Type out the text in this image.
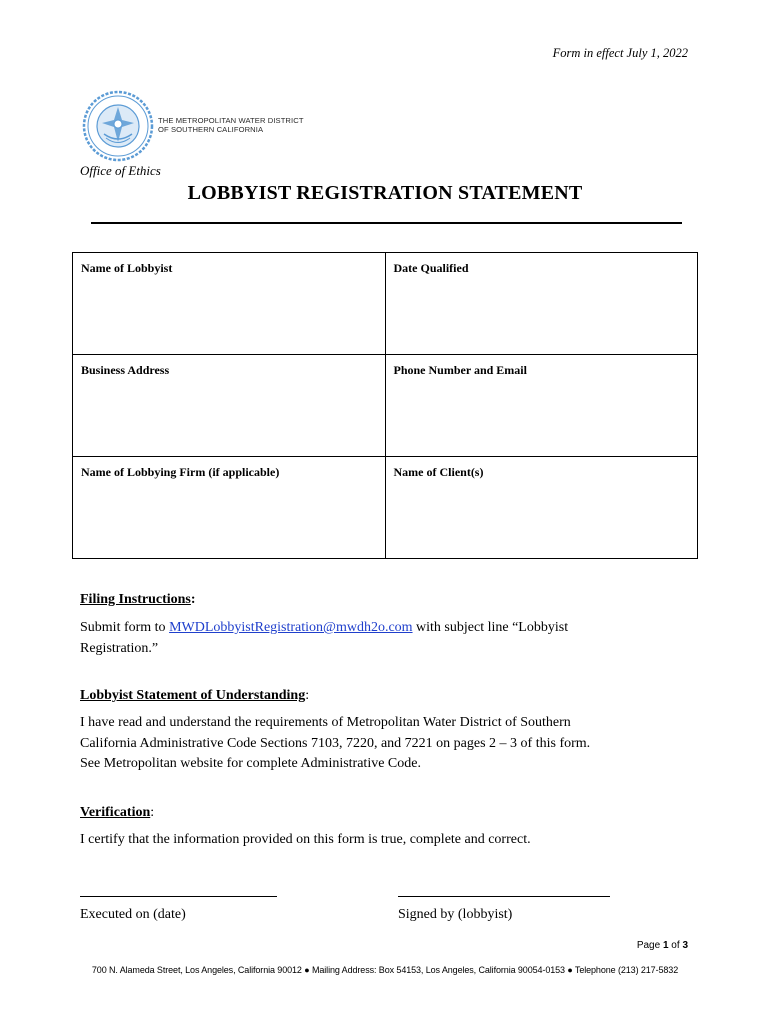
Form in effect July 1, 2022
THE METROPOLITAN WATER DISTRICT
OF SOUTHERN CALIFORNIA
Office of Ethics
LOBBYIST REGISTRATION STATEMENT
Name of Lobbyist	Date Qualified

Business Address	Phone Number and Email

Name of Lobbying Firm (if applicable)	Name of Client(s)
Filing Instructions:
Submit form to MWDLobbyistRegistration@mwdh2o.com with subject line “Lobbyist
Registration.”
Lobbyist Statement of Understanding:
I have read and understand the requirements of Metropolitan Water District of Southern
California Administrative Code Sections 7103, 7220, and 7221 on pages 2 – 3 of this form.
See Metropolitan website for complete Administrative Code.
Verification:
I certify that the information provided on this form is true, complete and correct.
Executed on (date)	Signed by (lobbyist)
Page 1 of 3
700 N. Alameda Street, Los Angeles, California 90012 ● Mailing Address: Box 54153, Los Angeles, California 90054-0153 ● Telephone (213) 217-5832
